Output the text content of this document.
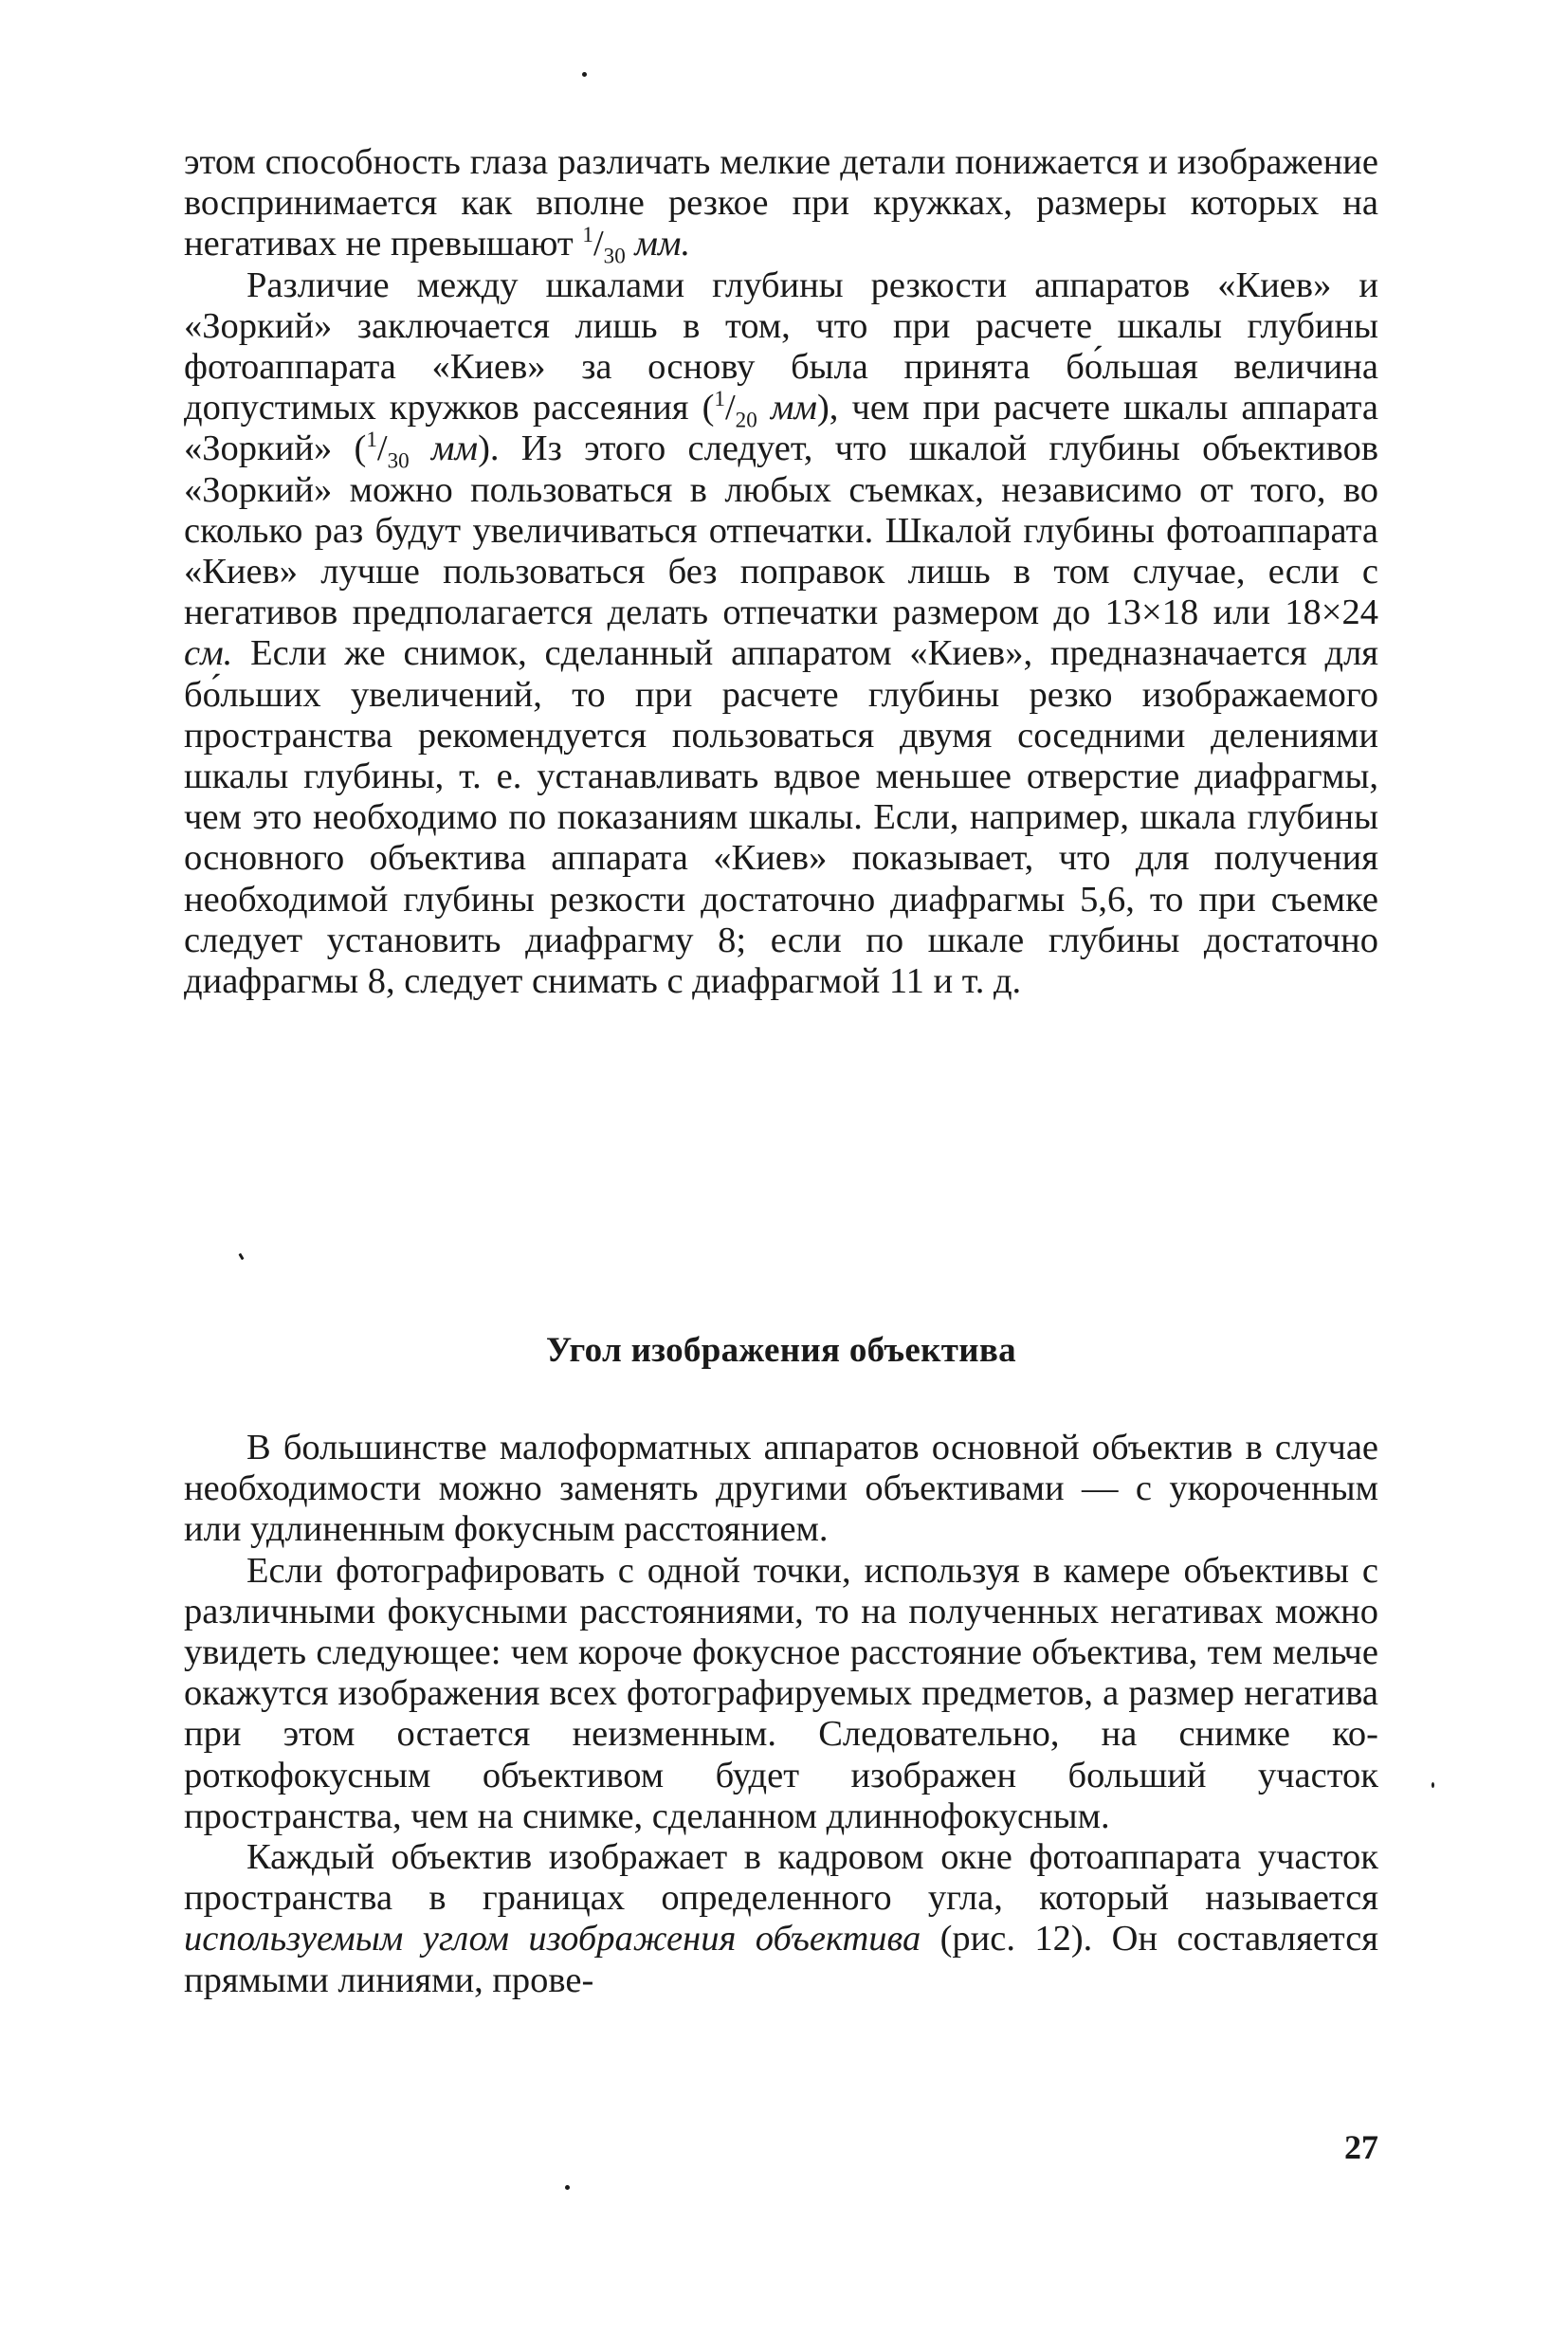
этом способность глаза различать мелкие детали понижается и изображение воспринимается как вполне резкое при кружках, размеры которых на негативах не превышают $^1/_{30}$ мм.

Различие между шкалами глубины резкости аппаратов «Киев» и «Зоркий» заключается лишь в том, что при расчете шкалы глубины фотоаппарата «Киев» за основу была принята бо́льшая величина допустимых кружков рассеяния ($^1/_{20}$ мм), чем при расчете шкалы аппарата «Зоркий» ($^1/_{30}$ мм). Из этого следует, что шкалой глубины объективов «Зоркий» можно пользоваться в любых съемках, независимо от того, во сколько раз будут увеличиваться отпечатки. Шкалой глубины фотоаппарата «Киев» лучше пользоваться без поправок лишь в том случае, если с негативов предполагается делать отпечатки размером до 13×18 или 18×24 см. Если же снимок, сделанный аппаратом «Киев», предназначается для бо́льших увеличений, то при расчете глубины резко изображаемого пространства рекомендуется пользоваться двумя соседними делениями шкалы глубины, т. е. устанавливать вдвое меньшее отверстие диафрагмы, чем это необходимо по показаниям шкалы. Если, например, шкала глубины основного объектива аппарата «Киев» показывает, что для получения необходимой глубины резкости достаточно диафрагмы 5,6, то при съемке следует установить диафрагму 8; если по шкале глубины достаточно диафрагмы 8, следует снимать с диафрагмой 11 и т. д.

Угол изображения объектива

В большинстве малоформатных аппаратов основной объектив в случае необходимости можно заменять другими объективами — с укороченным или удлиненным фокусным расстоянием.

Если фотографировать с одной точки, используя в камере объективы с различными фокусными расстояниями, то на полученных негативах можно увидеть следующее: чем короче фокусное расстояние объектива, тем мельче окажутся изображения всех фотографируемых предметов, а размер негатива при этом остается неизменным. Следовательно, на снимке короткофокусным объективом будет изображен больший участок пространства, чем на снимке, сделанном длиннофокусным.

Каждый объектив изображает в кадровом окне фотоаппарата участок пространства в границах определенного угла, который называется используемым углом изображения объектива (рис. 12). Он составляется прямыми линиями, прове-

27
